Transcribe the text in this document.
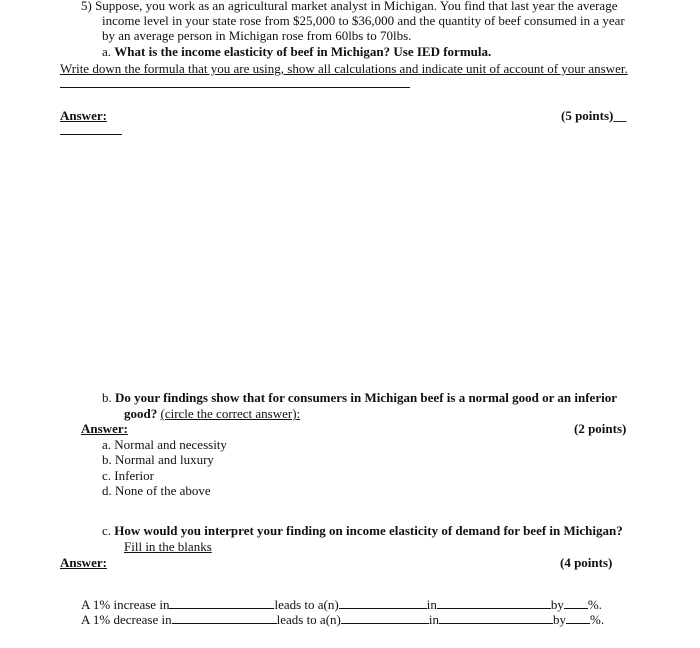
5) Suppose, you work as an agricultural market analyst in Michigan. You find that last year the average
income level in your state rose from $25,000 to $36,000 and the quantity of beef consumed in a year
by an average person in Michigan rose from 60lbs to 70lbs.
a. What is the income elasticity of beef in Michigan? Use IED formula.
Write down the formula that you are using, show all calculations and indicate unit of account of your answer.
Answer:	(5 points)__
b. Do your findings show that for consumers in Michigan beef is a normal good or an inferior
good? (circle the correct answer):
Answer:	(2 points)
a. Normal and necessity
b. Normal and luxury
c. Inferior
d. None of the above
c. How would you interpret your finding on income elasticity of demand for beef in Michigan?
Fill in the blanks
Answer:	(4 points)
A 1% increase in	leads to a(n)	in	by %.
A 1% decrease in	leads to a(n)	in	by %.
